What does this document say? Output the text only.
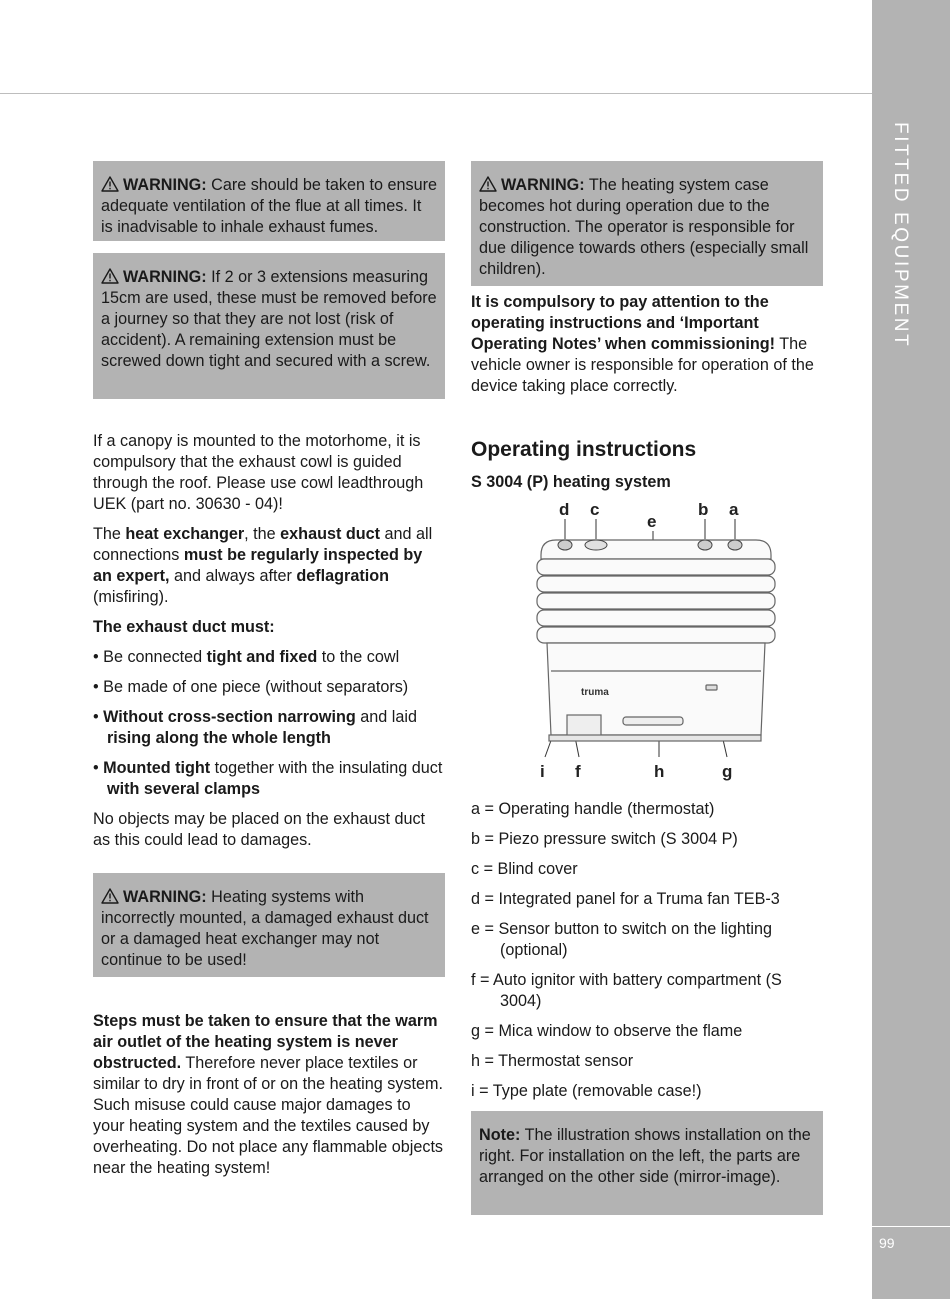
FITTED EQUIPMENT
99
WARNING: Care should be taken to ensure adequate ventilation of the flue at all times. It is inadvisable to inhale exhaust fumes.
WARNING: If 2 or 3 extensions measuring 15cm are used, these must be removed before a journey so that they are not lost (risk of accident). A remaining extension must be screwed down tight and secured with a screw.

If a canopy is mounted to the motorhome, it is compulsory that the exhaust cowl is guided through the roof. Please use cowl leadthrough UEK (part no. 30630 - 04)!

The heat exchanger, the exhaust duct and all connections must be regularly inspected by an expert, and always after deflagration (misfiring).

The exhaust duct must:

• Be connected tight and fixed to the cowl
• Be made of one piece (without separators)
• Without cross-section narrowing and laid rising along the whole length
• Mounted tight together with the insulating duct with several clamps

No objects may be placed on the exhaust duct as this could lead to damages.

WARNING: Heating systems with incorrectly mounted, a damaged exhaust duct or a damaged heat exchanger may not continue to be used!

Steps must be taken to ensure that the warm air outlet of the heating system is never obstructed. Therefore never place textiles or similar to dry in front of or on the heating system. Such misuse could cause major damages to your heating system and the textiles caused by overheating. Do not place any flammable objects near the heating system!

WARNING: The heating system case becomes hot during operation due to the construction. The operator is responsible for due diligence towards others (especially small children).

It is compulsory to pay attention to the operating instructions and ‘Important Operating Notes’ when commissioning! The vehicle owner is responsible for operation of the device taking place correctly.

Operating instructions

S 3004 (P) heating system

d c
e
b a
i f	h	g
truma
a = Operating handle (thermostat)
b = Piezo pressure switch (S 3004 P)
c = Blind cover
d = Integrated panel for a Truma fan TEB-3
e = Sensor button to switch on the lighting (optional)
f = Auto ignitor with battery compartment (S 3004)
g = Mica window to observe the flame
h = Thermostat sensor
i = Type plate (removable case!)
Note: The illustration shows installation on the right. For installation on the left, the parts are arranged on the other side (mirror-image).
